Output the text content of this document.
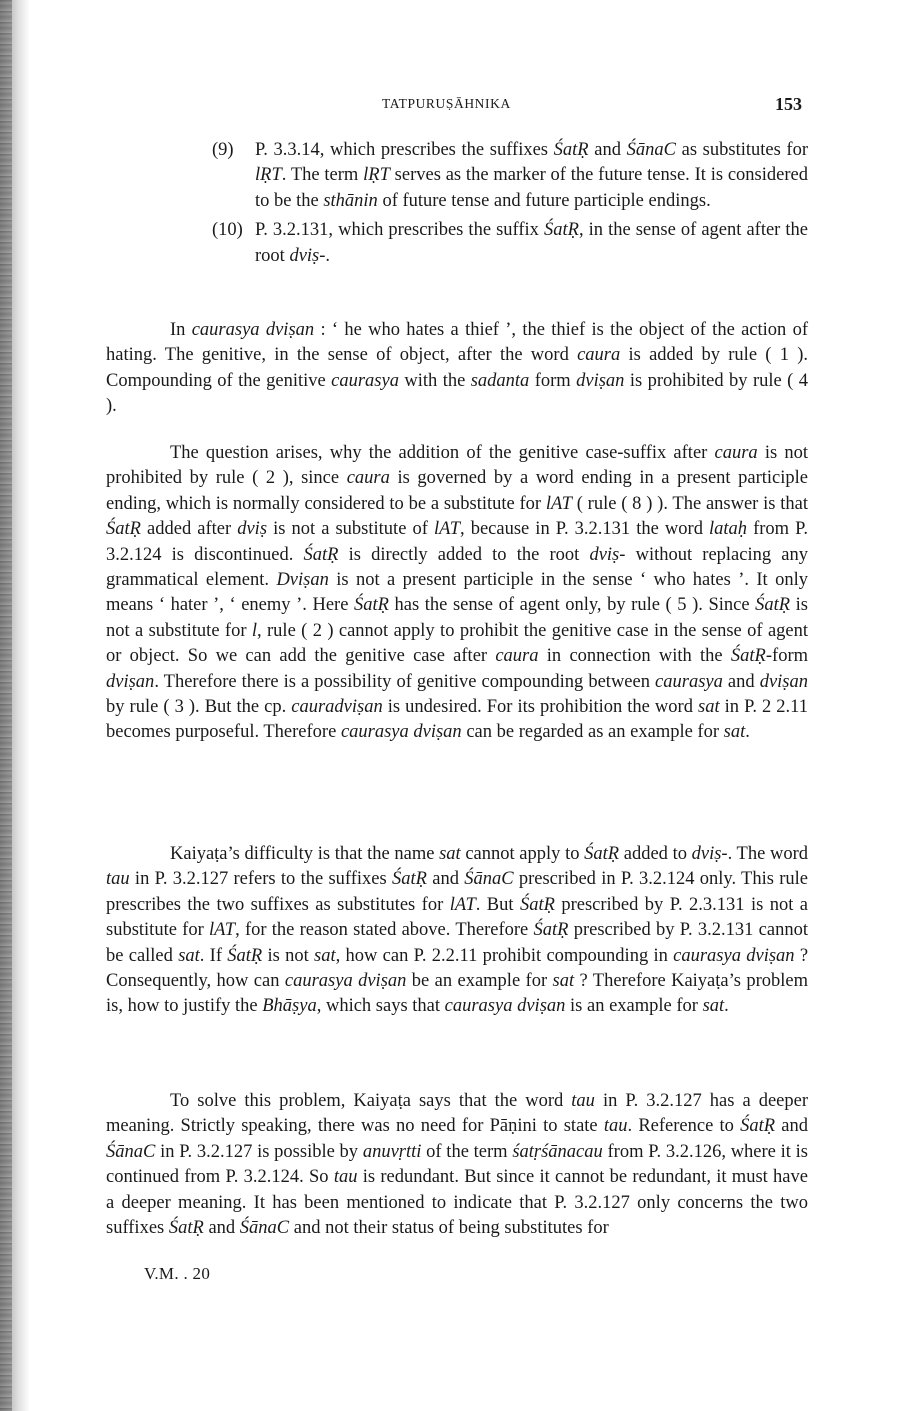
TATPURUṢĀHNIKA	153
(9) P. 3.3.14, which prescribes the suffixes ŚatṚ and ŚānaC as substitutes for lṚT. The term lṚT serves as the marker of the future tense. It is considered to be the sthānin of future tense and future participle endings.
(10) P. 3.2.131, which prescribes the suffix ŚatṚ, in the sense of agent after the root dviṣ-.

In caurasya dviṣan : ‘ he who hates a thief ’, the thief is the object of the action of hating. The genitive, in the sense of object, after the word caura is added by rule ( 1 ). Compounding of the genitive caurasya with the sadanta form dviṣan is prohibited by rule ( 4 ).

The question arises, why the addition of the genitive case-suffix after caura is not prohibited by rule ( 2 ), since caura is governed by a word ending in a present participle ending, which is normally considered to be a substitute for lAT ( rule ( 8 ) ). The answer is that ŚatṚ added after dviṣ is not a substitute of lAT, because in P. 3.2.131 the word lataḥ from P. 3.2.124 is discontinued. ŚatṚ is directly added to the root dviṣ- without replacing any grammatical element. Dviṣan is not a present participle in the sense ‘ who hates ’. It only means ‘ hater ’, ‘ enemy ’. Here ŚatṚ has the sense of agent only, by rule ( 5 ). Since ŚatṚ is not a substitute for l, rule ( 2 ) cannot apply to prohibit the genitive case in the sense of agent or object. So we can add the genitive case after caura in connection with the ŚatṚ-form dviṣan. Therefore there is a possibility of genitive compounding between caurasya and dviṣan by rule ( 3 ). But the cp. cauradviṣan is undesired. For its prohibition the word sat in P. 2 2.11 becomes purposeful. Therefore caurasya dviṣan can be regarded as an example for sat.

Kaiyaṭa’s difficulty is that the name sat cannot apply to ŚatṚ added to dviṣ-. The word tau in P. 3.2.127 refers to the suffixes ŚatṚ and ŚānaC prescribed in P. 3.2.124 only. This rule prescribes the two suffixes as substitutes for lAT. But ŚatṚ prescribed by P. 2.3.131 is not a substitute for lAT, for the reason stated above. Therefore ŚatṚ prescribed by P. 3.2.131 cannot be called sat. If ŚatṚ is not sat, how can P. 2.2.11 prohibit compounding in caurasya dviṣan ? Consequently, how can caurasya dviṣan be an example for sat ? Therefore Kaiyaṭa’s problem is, how to justify the Bhāṣya, which says that caurasya dviṣan is an example for sat.

To solve this problem, Kaiyaṭa says that the word tau in P. 3.2.127 has a deeper meaning. Strictly speaking, there was no need for Pāṇini to state tau. Reference to ŚatṚ and ŚānaC in P. 3.2.127 is possible by anuvṛtti of the term śatṛśānacau from P. 3.2.126, where it is continued from P. 3.2.124. So tau is redundant. But since it cannot be redundant, it must have a deeper meaning. It has been mentioned to indicate that P. 3.2.127 only concerns the two suffixes ŚatṚ and ŚānaC and not their status of being substitutes for

V.M. . 20
